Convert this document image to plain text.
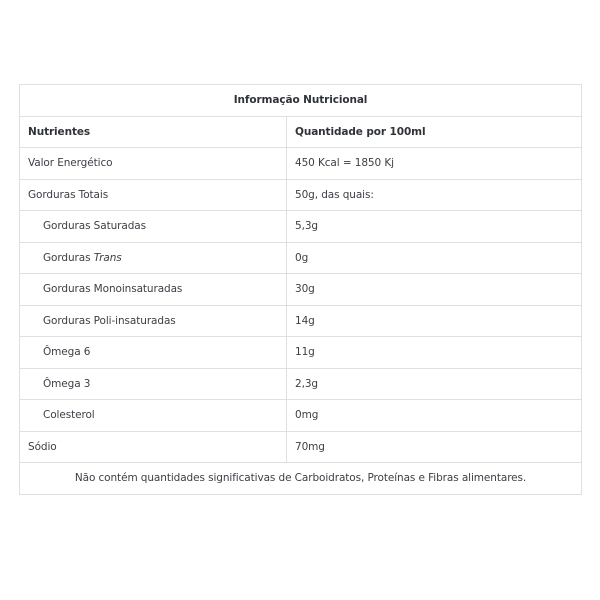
Informação Nutricional	
Nutrientes	Quantidade por 100ml
Valor Energético	450 Kcal = 1850 Kj
Gorduras Totais	50g, das quais:
Gorduras Saturadas	5,3g
Gorduras Trans	0g
Gorduras Monoinsaturadas	30g
Gorduras Poli-insaturadas	14g
Ômega 6	11g
Ômega 3	2,3g
Colesterol	0mg
Sódio	70mg
Não contém quantidades significativas de Carboidratos, Proteínas e Fibras alimentares.	
